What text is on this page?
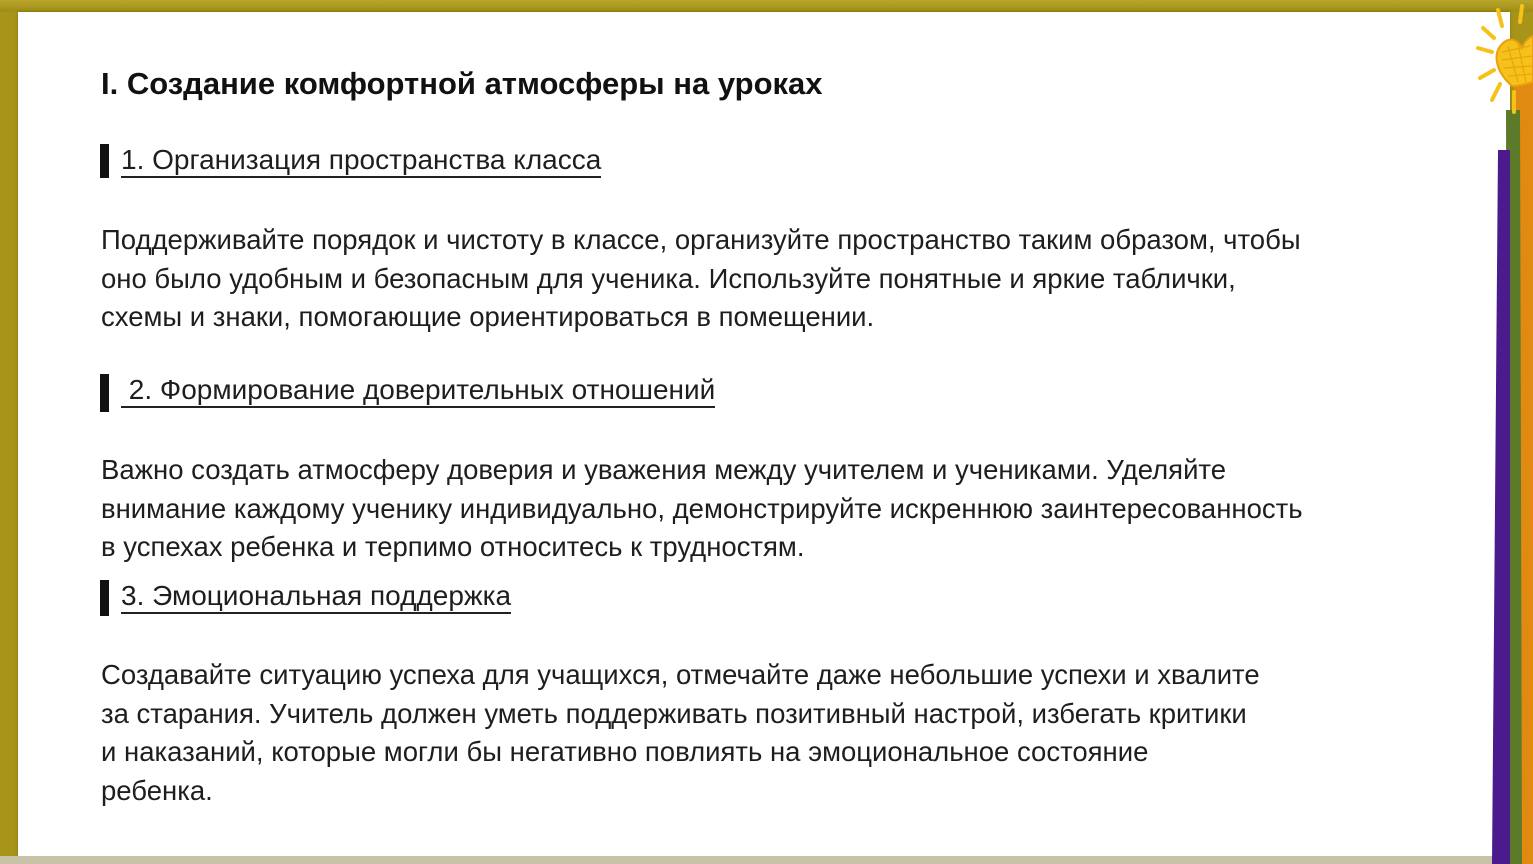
I. Создание комфортной атмосферы на уроках
1. Организация пространства класса
Поддерживайте порядок и чистоту в классе, организуйте пространство таким образом, чтобы
оно было удобным и безопасным для ученика. Используйте понятные и яркие таблички,
схемы и знаки, помогающие ориентироваться в помещении.
2. Формирование доверительных отношений
Важно создать атмосферу доверия и уважения между учителем и учениками. Уделяйте
внимание каждому ученику индивидуально, демонстрируйте искреннюю заинтересованность
в успехах ребенка и терпимо относитесь к трудностям.
3. Эмоциональная поддержка
Создавайте ситуацию успеха для учащихся, отмечайте даже небольшие успехи и хвалите
за старания. Учитель должен уметь поддерживать позитивный настрой, избегать критики
и наказаний, которые могли бы негативно повлиять на эмоциональное состояние
ребенка.
